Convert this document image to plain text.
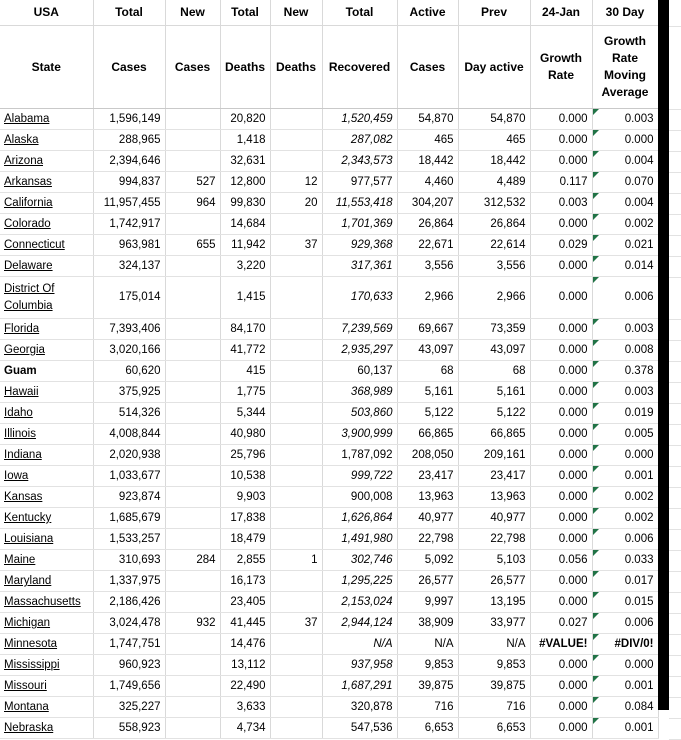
USA	Total	New	Total	New	Total	Active	Prev	24-Jan	30 Day
State	Cases	Cases	Deaths	Deaths	Recovered	Cases	Day active	Growth Rate	Growth Rate Moving Average
Alabama	1,596,149		20,820		1,520,459	54,870	54,870	0.000	0.003
Alaska	288,965		1,418		287,082	465	465	0.000	0.000
Arizona	2,394,646		32,631		2,343,573	18,442	18,442	0.000	0.004
Arkansas	994,837	527	12,800	12	977,577	4,460	4,489	0.117	0.070
California	11,957,455	964	99,830	20	11,553,418	304,207	312,532	0.003	0.004
Colorado	1,742,917		14,684		1,701,369	26,864	26,864	0.000	0.002
Connecticut	963,981	655	11,942	37	929,368	22,671	22,614	0.029	0.021
Delaware	324,137		3,220		317,361	3,556	3,556	0.000	0.014
District Of Columbia	175,014		1,415		170,633	2,966	2,966	0.000	0.006
Florida	7,393,406		84,170		7,239,569	69,667	73,359	0.000	0.003
Georgia	3,020,166		41,772		2,935,297	43,097	43,097	0.000	0.008
Guam	60,620		415		60,137	68	68	0.000	0.378
Hawaii	375,925		1,775		368,989	5,161	5,161	0.000	0.003
Idaho	514,326		5,344		503,860	5,122	5,122	0.000	0.019
Illinois	4,008,844		40,980		3,900,999	66,865	66,865	0.000	0.005
Indiana	2,020,938		25,796		1,787,092	208,050	209,161	0.000	0.000
Iowa	1,033,677		10,538		999,722	23,417	23,417	0.000	0.001
Kansas	923,874		9,903		900,008	13,963	13,963	0.000	0.002
Kentucky	1,685,679		17,838		1,626,864	40,977	40,977	0.000	0.002
Louisiana	1,533,257		18,479		1,491,980	22,798	22,798	0.000	0.006
Maine	310,693	284	2,855	1	302,746	5,092	5,103	0.056	0.033
Maryland	1,337,975		16,173		1,295,225	26,577	26,577	0.000	0.017
Massachusetts	2,186,426		23,405		2,153,024	9,997	13,195	0.000	0.015
Michigan	3,024,478	932	41,445	37	2,944,124	38,909	33,977	0.027	0.006
Minnesota	1,747,751		14,476		N/A	N/A	N/A	#VALUE!	#DIV/0!
Mississippi	960,923		13,112		937,958	9,853	9,853	0.000	0.000
Missouri	1,749,656		22,490		1,687,291	39,875	39,875	0.000	0.001
Montana	325,227		3,633		320,878	716	716	0.000	0.084
Nebraska	558,923		4,734		547,536	6,653	6,653	0.000	0.001
